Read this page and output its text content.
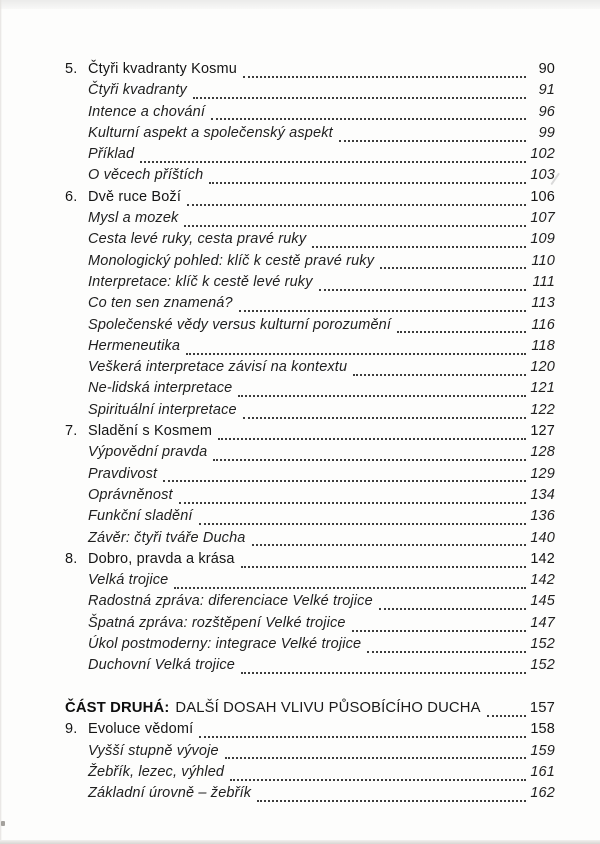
5. Čtyři kvadranty Kosmu	90
Čtyři kvadranty	91
Intence a chování	96
Kulturní aspekt a společenský aspekt	99
Příklad	102
O věcech příštích	103
6. Dvě ruce Boží	106
Mysl a mozek	107
Cesta levé ruky, cesta pravé ruky	109
Monologický pohled: klíč k cestě pravé ruky	110
Interpretace: klíč k cestě levé ruky	111
Co ten sen znamená?	113
Společenské vědy versus kulturní porozumění	116
Hermeneutika	118
Veškerá interpretace závisí na kontextu	120
Ne-lidská interpretace	121
Spirituální interpretace	122
7. Sladění s Kosmem	127
Výpovědní pravda	128
Pravdivost	129
Oprávněnost	134
Funkční sladění	136
Závěr: čtyři tváře Ducha	140
8. Dobro, pravda a krása	142
Velká trojice	142
Radostná zpráva: diferenciace Velké trojice	145
Špatná zpráva: rozštěpení Velké trojice	147
Úkol postmoderny: integrace Velké trojice	152
Duchovní Velká trojice	152
ČÁST DRUHÁ: DALŠÍ DOSAH VLIVU PŮSOBÍCÍHO DUCHA	157
9. Evoluce vědomí	158
Vyšší stupně vývoje	159
Žebřík, lezec, výhled	161
Základní úrovně – žebřík	162
